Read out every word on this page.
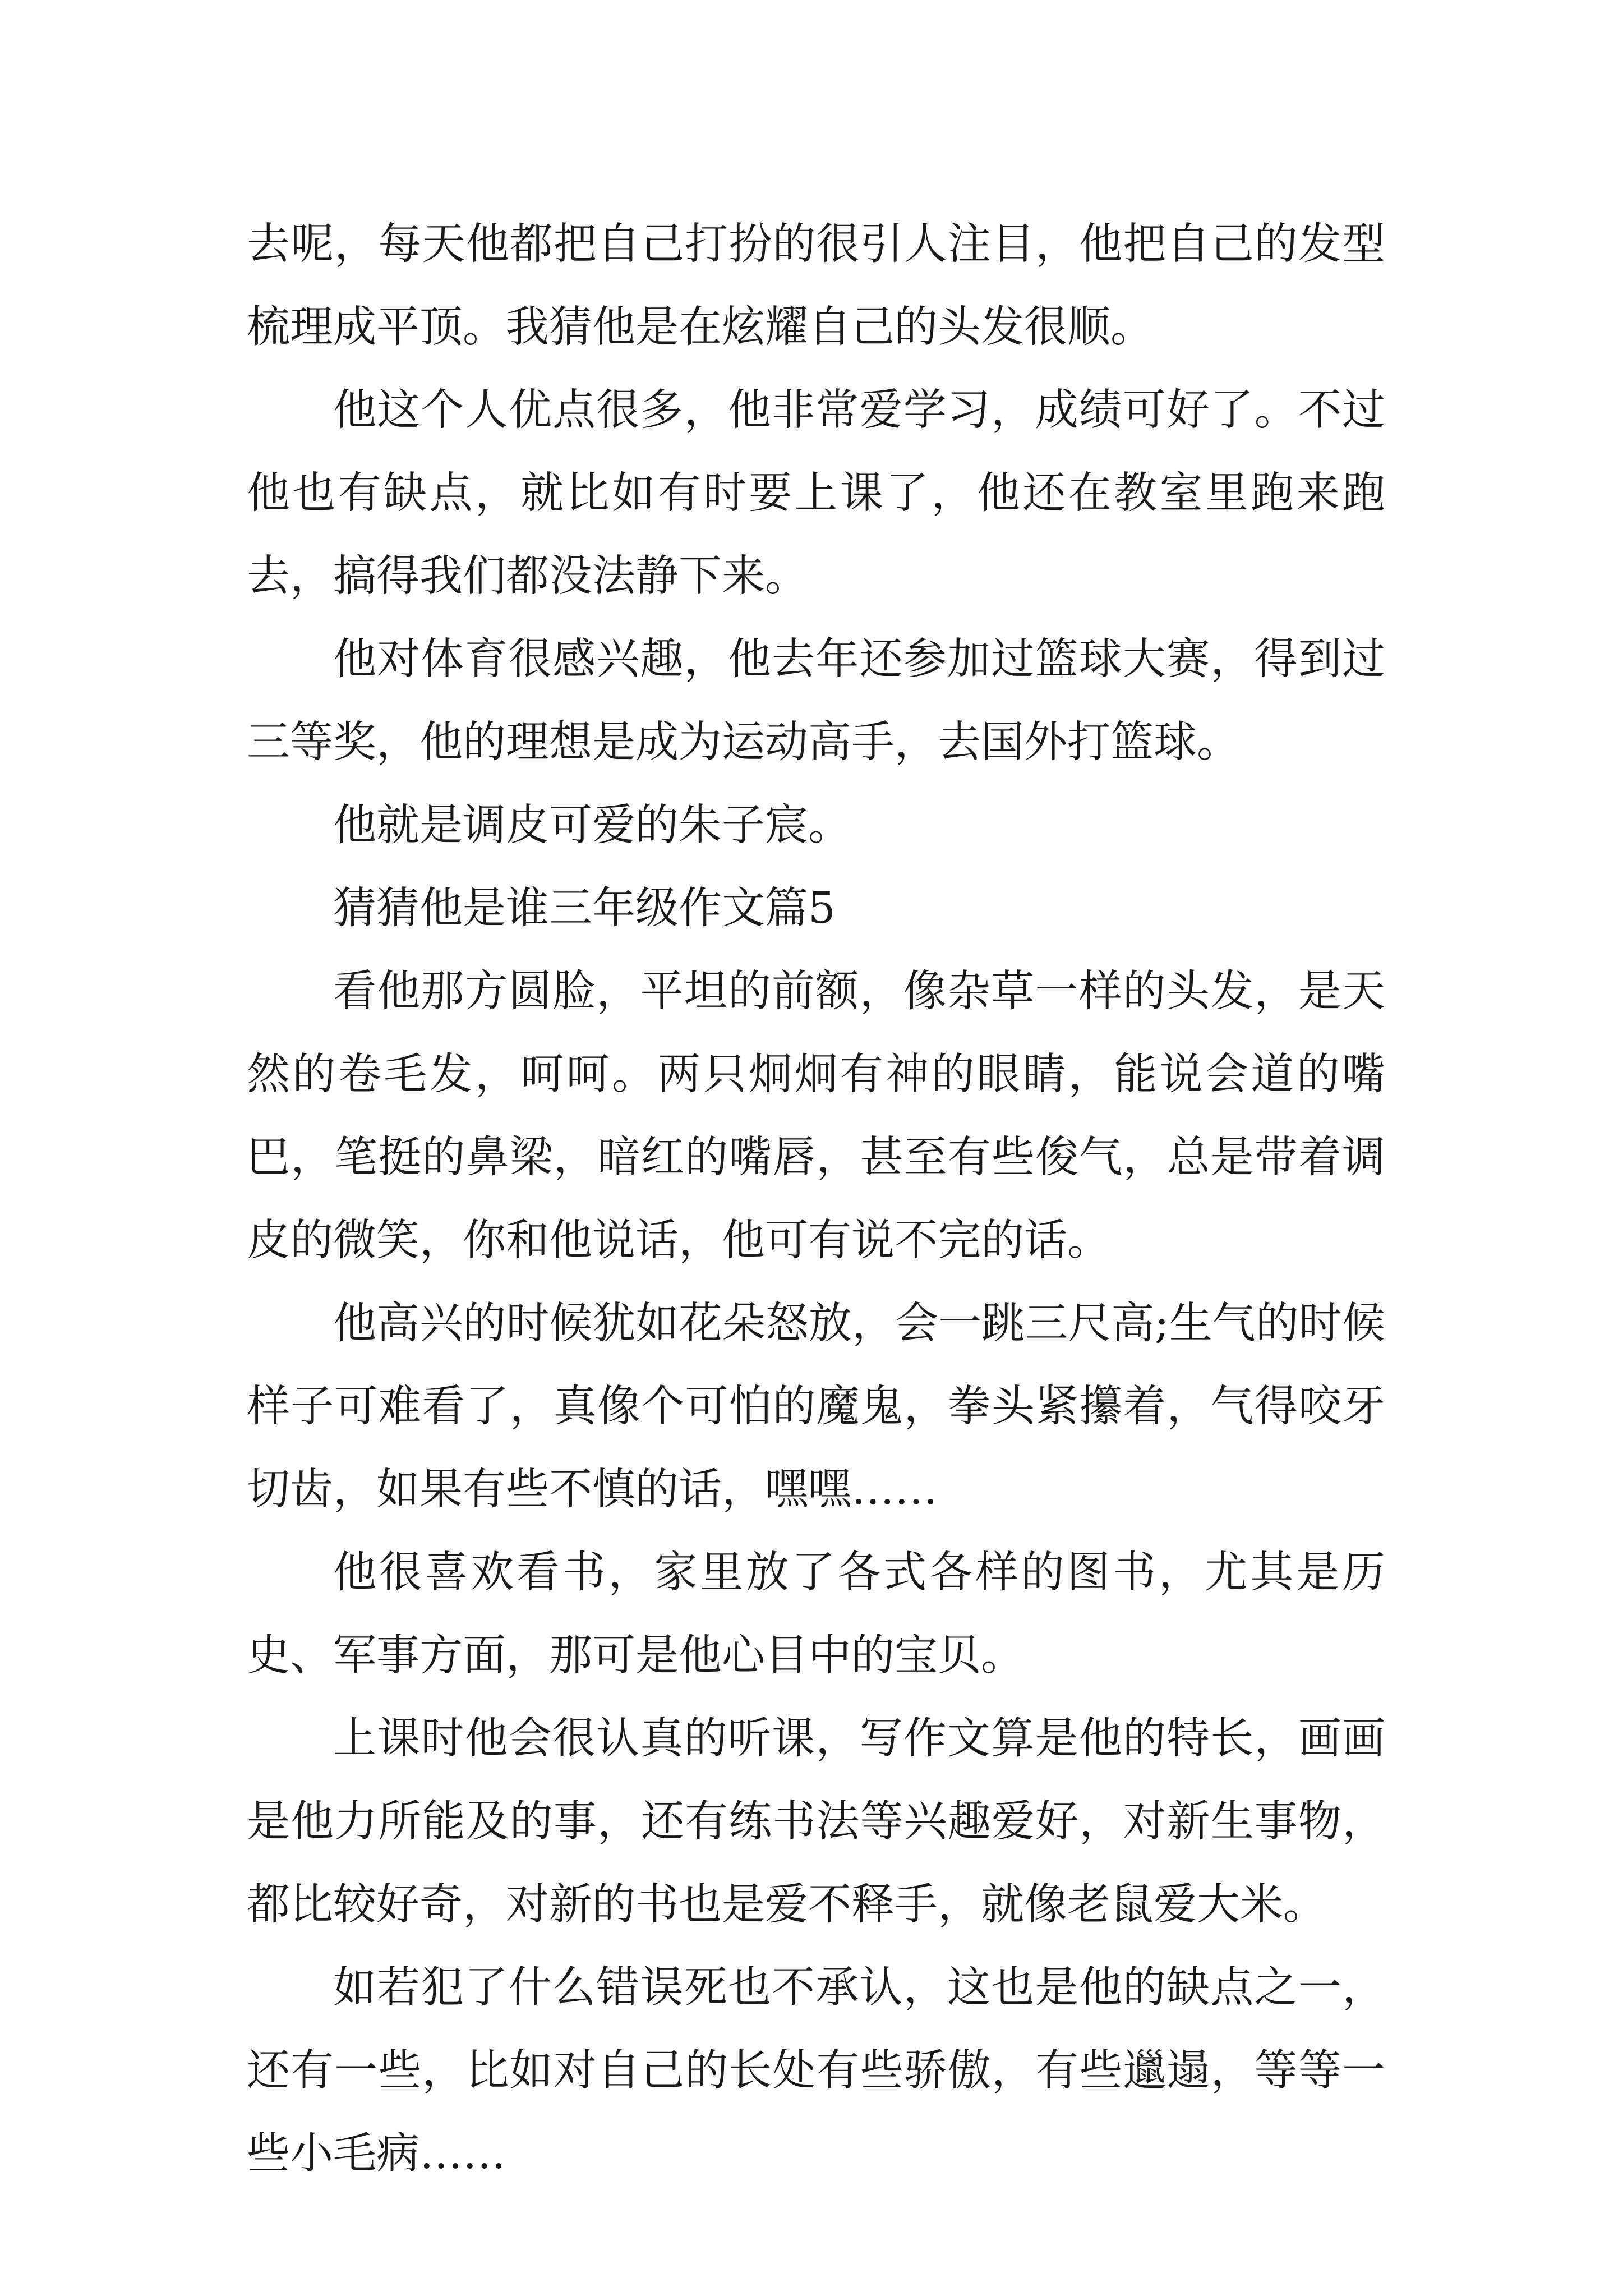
去呢，每天他都把自己打扮的很引人注目，他把自己的发型梳理成平顶。我猜他是在炫耀自己的头发很顺。

他这个人优点很多，他非常爱学习，成绩可好了。不过他也有缺点，就比如有时要上课了，他还在教室里跑来跑去，搞得我们都没法静下来。

他对体育很感兴趣，他去年还参加过篮球大赛，得到过三等奖，他的理想是成为运动高手，去国外打篮球。

他就是调皮可爱的朱子宸。

猜猜他是谁三年级作文篇5

看他那方圆脸，平坦的前额，像杂草一样的头发，是天然的卷毛发，呵呵。两只炯炯有神的眼睛，能说会道的嘴巴，笔挺的鼻梁，暗红的嘴唇，甚至有些俊气，总是带着调皮的微笑，你和他说话，他可有说不完的话。

他高兴的时候犹如花朵怒放，会一跳三尺高;生气的时候样子可难看了，真像个可怕的魔鬼，拳头紧攥着，气得咬牙切齿，如果有些不慎的话，嘿嘿……

他很喜欢看书，家里放了各式各样的图书，尤其是历史、军事方面，那可是他心目中的宝贝。

上课时他会很认真的听课，写作文算是他的特长，画画是他力所能及的事，还有练书法等兴趣爱好，对新生事物，都比较好奇，对新的书也是爱不释手，就像老鼠爱大米。

如若犯了什么错误死也不承认，这也是他的缺点之一，还有一些，比如对自己的长处有些骄傲，有些邋遢，等等一些小毛病……
